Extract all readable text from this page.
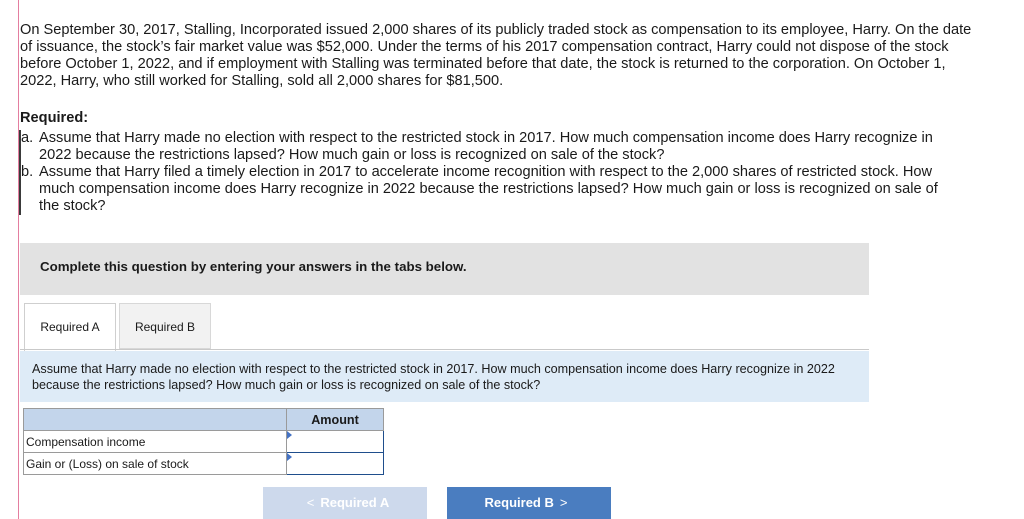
On September 30, 2017, Stalling, Incorporated issued 2,000 shares of its publicly traded stock as compensation to its employee, Harry. On the date of issuance, the stock’s fair market value was $52,000. Under the terms of his 2017 compensation contract, Harry could not dispose of the stock before October 1, 2022, and if employment with Stalling was terminated before that date, the stock is returned to the corporation. On October 1, 2022, Harry, who still worked for Stalling, sold all 2,000 shares for $81,500.
Required:
a. Assume that Harry made no election with respect to the restricted stock in 2017. How much compensation income does Harry recognize in 2022 because the restrictions lapsed? How much gain or loss is recognized on sale of the stock?
b. Assume that Harry filed a timely election in 2017 to accelerate income recognition with respect to the 2,000 shares of restricted stock. How much compensation income does Harry recognize in 2022 because the restrictions lapsed? How much gain or loss is recognized on sale of the stock?
Complete this question by entering your answers in the tabs below.
Required A	Required B
Assume that Harry made no election with respect to the restricted stock in 2017. How much compensation income does Harry recognize in 2022 because the restrictions lapsed? How much gain or loss is recognized on sale of the stock?
	Amount
Compensation income	

Gain or (Loss) on sale of stock	
< Required A	Required B >
